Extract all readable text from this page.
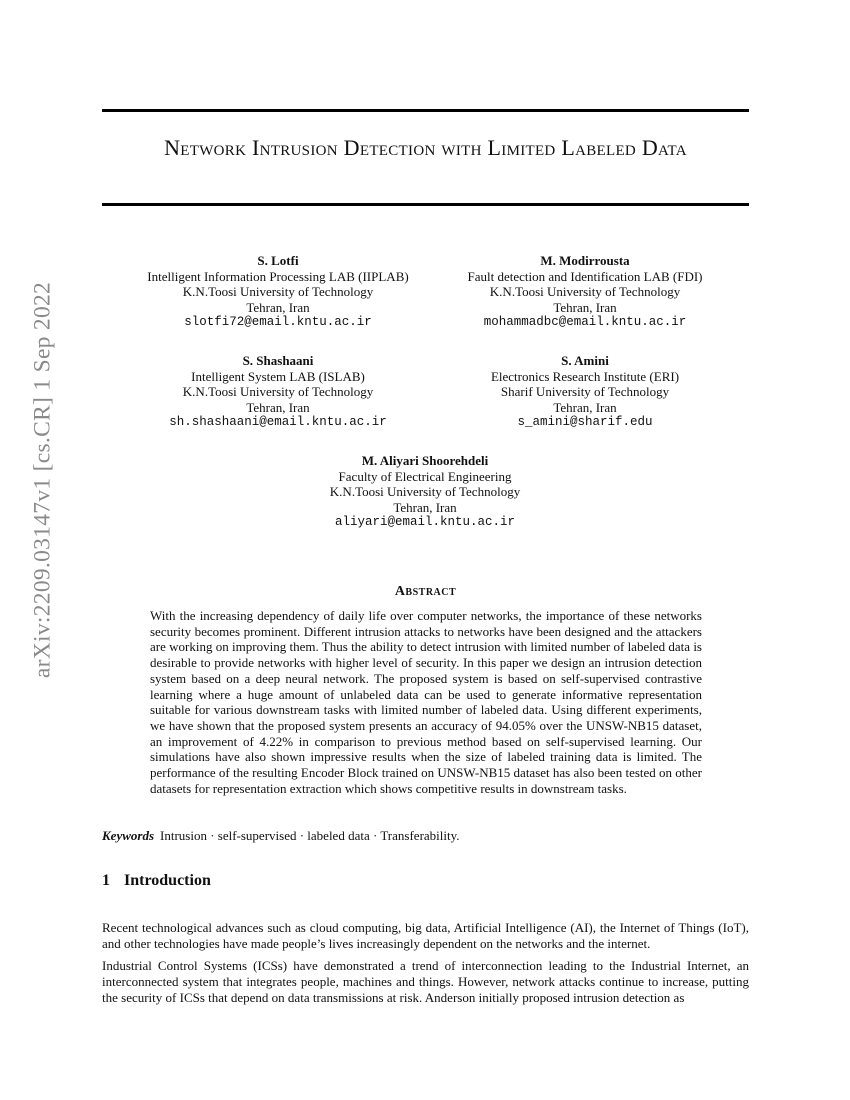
arXiv:2209.03147v1 [cs.CR] 1 Sep 2022
Network Intrusion Detection with Limited Labeled Data
S. Lotfi
Intelligent Information Processing LAB (IIPLAB)
K.N.Toosi University of Technology
Tehran, Iran
slotfi72@email.kntu.ac.ir
M. Modirrousta
Fault detection and Identification LAB (FDI)
K.N.Toosi University of Technology
Tehran, Iran
mohammadbc@email.kntu.ac.ir
S. Shashaani
Intelligent System LAB (ISLAB)
K.N.Toosi University of Technology
Tehran, Iran
sh.shashaani@email.kntu.ac.ir
S. Amini
Electronics Research Institute (ERI)
Sharif University of Technology
Tehran, Iran
s_amini@sharif.edu
M. Aliyari Shoorehdeli
Faculty of Electrical Engineering
K.N.Toosi University of Technology
Tehran, Iran
aliyari@email.kntu.ac.ir
Abstract
With the increasing dependency of daily life over computer networks, the importance of these networks security becomes prominent. Different intrusion attacks to networks have been designed and the attackers are working on improving them. Thus the ability to detect intrusion with limited number of labeled data is desirable to provide networks with higher level of security. In this paper we design an intrusion detection system based on a deep neural network. The proposed system is based on self-supervised contrastive learning where a huge amount of unlabeled data can be used to generate informative representation suitable for various downstream tasks with limited number of labeled data. Using different experiments, we have shown that the proposed system presents an accuracy of 94.05% over the UNSW-NB15 dataset, an improvement of 4.22% in comparison to previous method based on self-supervised learning. Our simulations have also shown impressive results when the size of labeled training data is limited. The performance of the resulting Encoder Block trained on UNSW-NB15 dataset has also been tested on other datasets for representation extraction which shows competitive results in downstream tasks.
Keywords Intrusion · self-supervised · labeled data · Transferability.
1 Introduction

Recent technological advances such as cloud computing, big data, Artificial Intelligence (AI), the Internet of Things (IoT), and other technologies have made people’s lives increasingly dependent on the networks and the internet.

Industrial Control Systems (ICSs) have demonstrated a trend of interconnection leading to the Industrial Internet, an interconnected system that integrates people, machines and things. However, network attacks continue to increase, putting the security of ICSs that depend on data transmissions at risk. Anderson initially proposed intrusion detection as
